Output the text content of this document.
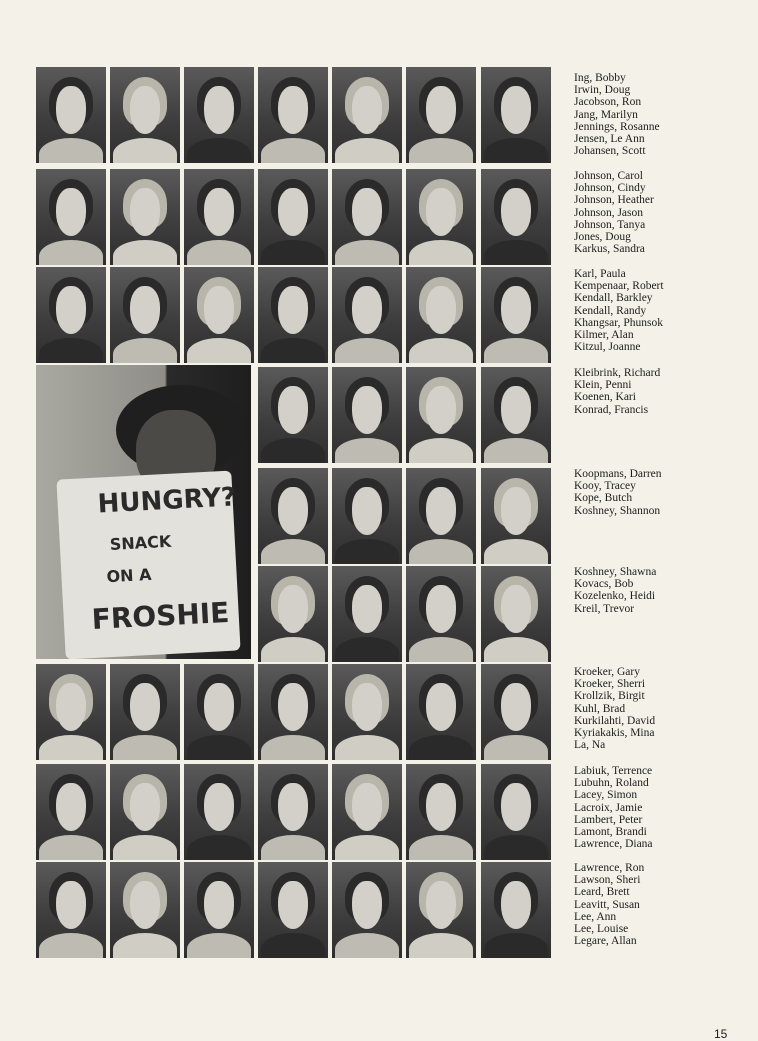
HUNGRY?
SNACK
ON A
FROSHIE
Ing, Bobby
Irwin, Doug
Jacobson, Ron
Jang, Marilyn
Jennings, Rosanne
Jensen, Le Ann
Johansen, Scott
Johnson, Carol
Johnson, Cindy
Johnson, Heather
Johnson, Jason
Johnson, Tanya
Jones, Doug
Karkus, Sandra
Karl, Paula
Kempenaar, Robert
Kendall, Barkley
Kendall, Randy
Khangsar, Phunsok
Kilmer, Alan
Kitzul, Joanne
Kleibrink, Richard
Klein, Penni
Koenen, Kari
Konrad, Francis
Koopmans, Darren
Kooy, Tracey
Kope, Butch
Koshney, Shannon
Koshney, Shawna
Kovacs, Bob
Kozelenko, Heidi
Kreil, Trevor
Kroeker, Gary
Kroeker, Sherri
Krollzik, Birgit
Kuhl, Brad
Kurkilahti, David
Kyriakakis, Mina
La, Na
Labiuk, Terrence
Lubuhn, Roland
Lacey, Simon
Lacroix, Jamie
Lambert, Peter
Lamont, Brandi
Lawrence, Diana
Lawrence, Ron
Lawson, Sheri
Leard, Brett
Leavitt, Susan
Lee, Ann
Lee, Louise
Legare, Allan
15
